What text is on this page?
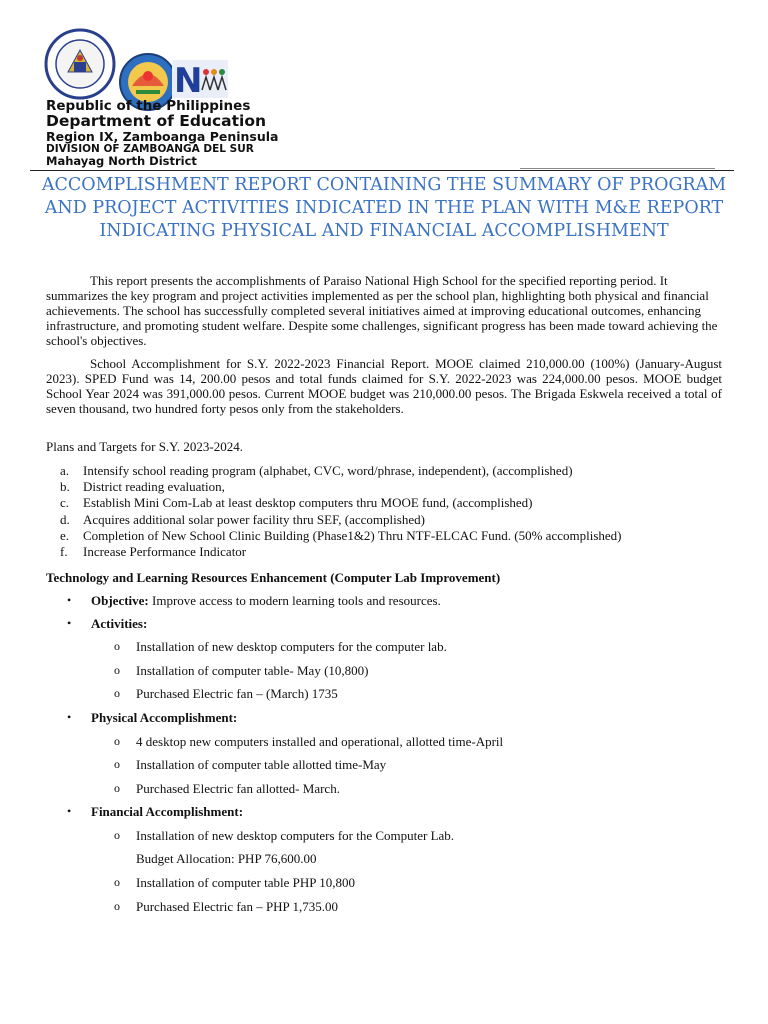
N
Republic of the Philippines
Department of Education
Region IX, Zamboanga Peninsula
DIVISION OF ZAMBOANGA DEL SUR
Mahayag North District
ACCOMPLISHMENT REPORT CONTAINING THE SUMMARY OF PROGRAM AND PROJECT ACTIVITIES INDICATED IN THE PLAN WITH M&E REPORT INDICATING PHYSICAL AND FINANCIAL ACCOMPLISHMENT
This report presents the accomplishments of Paraiso National High School for the specified reporting period. It summarizes the key program and project activities implemented as per the school plan, highlighting both physical and financial achievements. The school has successfully completed several initiatives aimed at improving educational outcomes, enhancing infrastructure, and promoting student welfare. Despite some challenges, significant progress has been made toward achieving the school's objectives.
School Accomplishment for S.Y. 2022-2023 Financial Report. MOOE claimed 210,000.00 (100%) (January-August 2023). SPED Fund was 14, 200.00 pesos and total funds claimed for S.Y. 2022-2023 was 224,000.00 pesos. MOOE budget School Year 2024 was 391,000.00 pesos. Current MOOE budget was 210,000.00 pesos. The Brigada Eskwela received a total of seven thousand, two hundred forty pesos only from the stakeholders.
Plans and Targets for S.Y. 2023-2024.
a. Intensify school reading program (alphabet, CVC, word/phrase, independent), (accomplished)
b. District reading evaluation,
c. Establish Mini Com-Lab at least desktop computers thru MOOE fund, (accomplished)
d. Acquires additional solar power facility thru SEF, (accomplished)
e. Completion of New School Clinic Building (Phase1&2) Thru NTF-ELCAC Fund. (50% accomplished)
f. Increase Performance Indicator
Technology and Learning Resources Enhancement (Computer Lab Improvement)
• Objective: Improve access to modern learning tools and resources.
• Activities:
o Installation of new desktop computers for the computer lab.
o Installation of computer table- May (10,800)
o Purchased Electric fan – (March) 1735
• Physical Accomplishment:
o 4 desktop new computers installed and operational, allotted time-April
o Installation of computer table allotted time-May
o Purchased Electric fan allotted- March.
• Financial Accomplishment:
o Installation of new desktop computers for the Computer Lab.
Budget Allocation: PHP 76,600.00
o Installation of computer table PHP 10,800
o Purchased Electric fan – PHP 1,735.00
